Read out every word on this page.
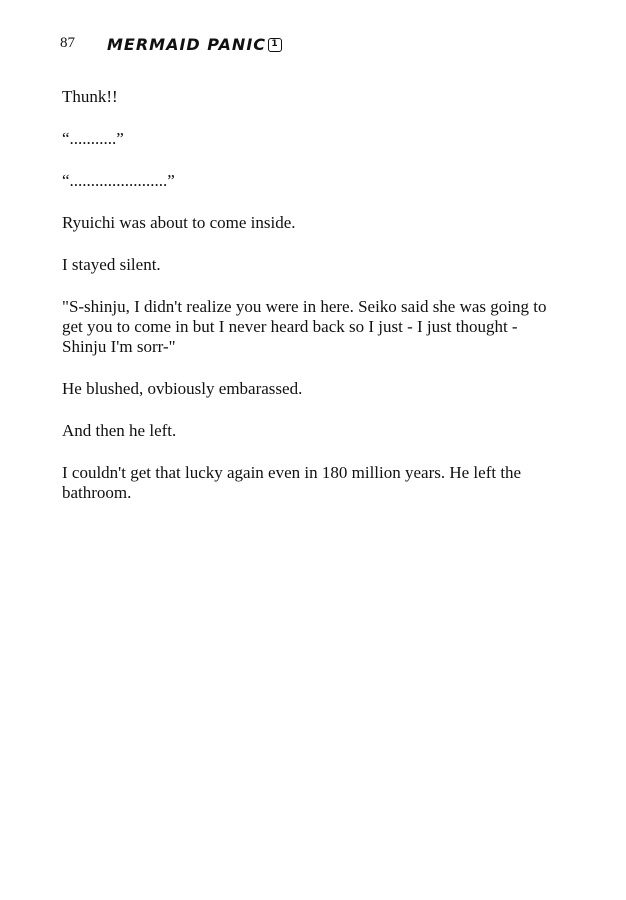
87 MERMAID PANIC 1

Thunk!!

“...........”

“.......................”

Ryuichi was about to come inside.

I stayed silent.

"S-shinju, I didn't realize you were in here. Seiko said she was going to get you to come in but I never heard back so I just - I just thought - Shinju I'm sorr-"

He blushed, ovbiously embarassed.

And then he left.

I couldn't get that lucky again even in 180 million years. He left the bathroom.
